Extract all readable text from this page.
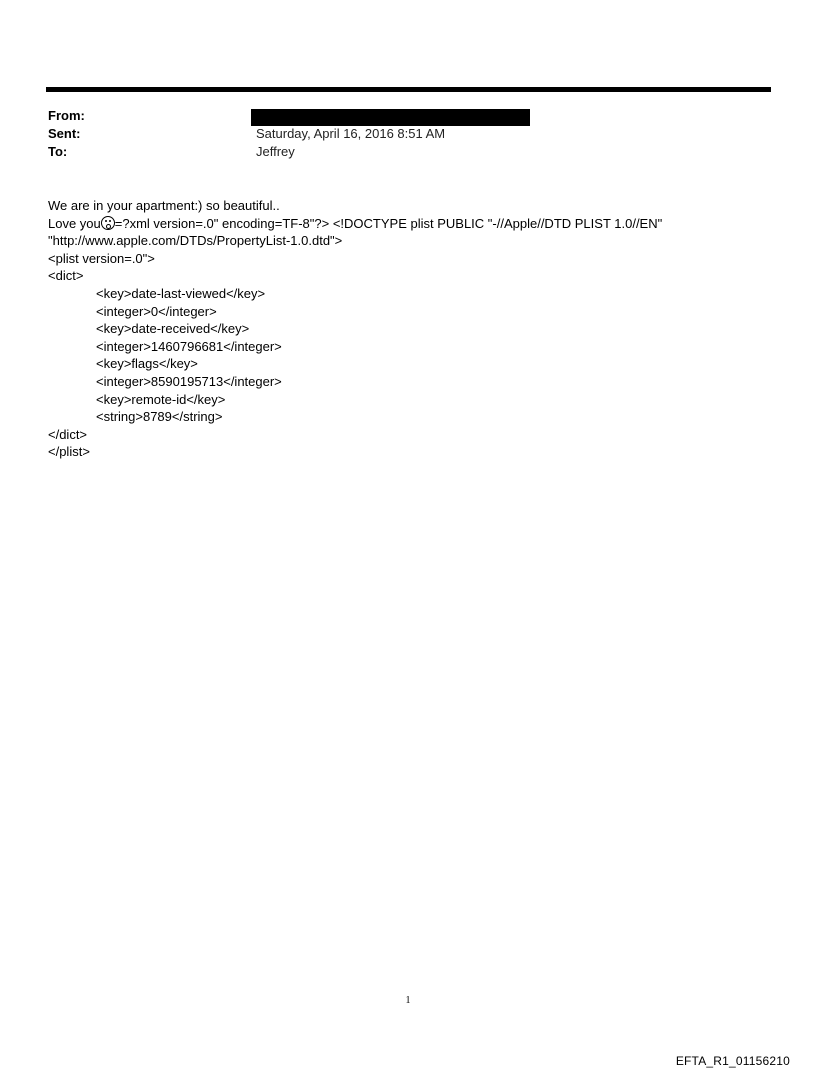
From:
Sent:	Saturday, April 16, 2016 8:51 AM
To:	Jeffrey
We are in your apartment:) so beautiful..
Love you =?xml version=.0" encoding=TF-8"?> <!DOCTYPE plist PUBLIC "-//Apple//DTD PLIST 1.0//EN"
"http://www.apple.com/DTDs/PropertyList-1.0.dtd">
<plist version=.0">
<dict>
<key>date-last-viewed</key>
<integer>0</integer>
<key>date-received</key>
<integer>1460796681</integer>
<key>flags</key>
<integer>8590195713</integer>
<key>remote-id</key>
<string>8789</string>
</dict>
</plist>
1
EFTA_R1_01156210
